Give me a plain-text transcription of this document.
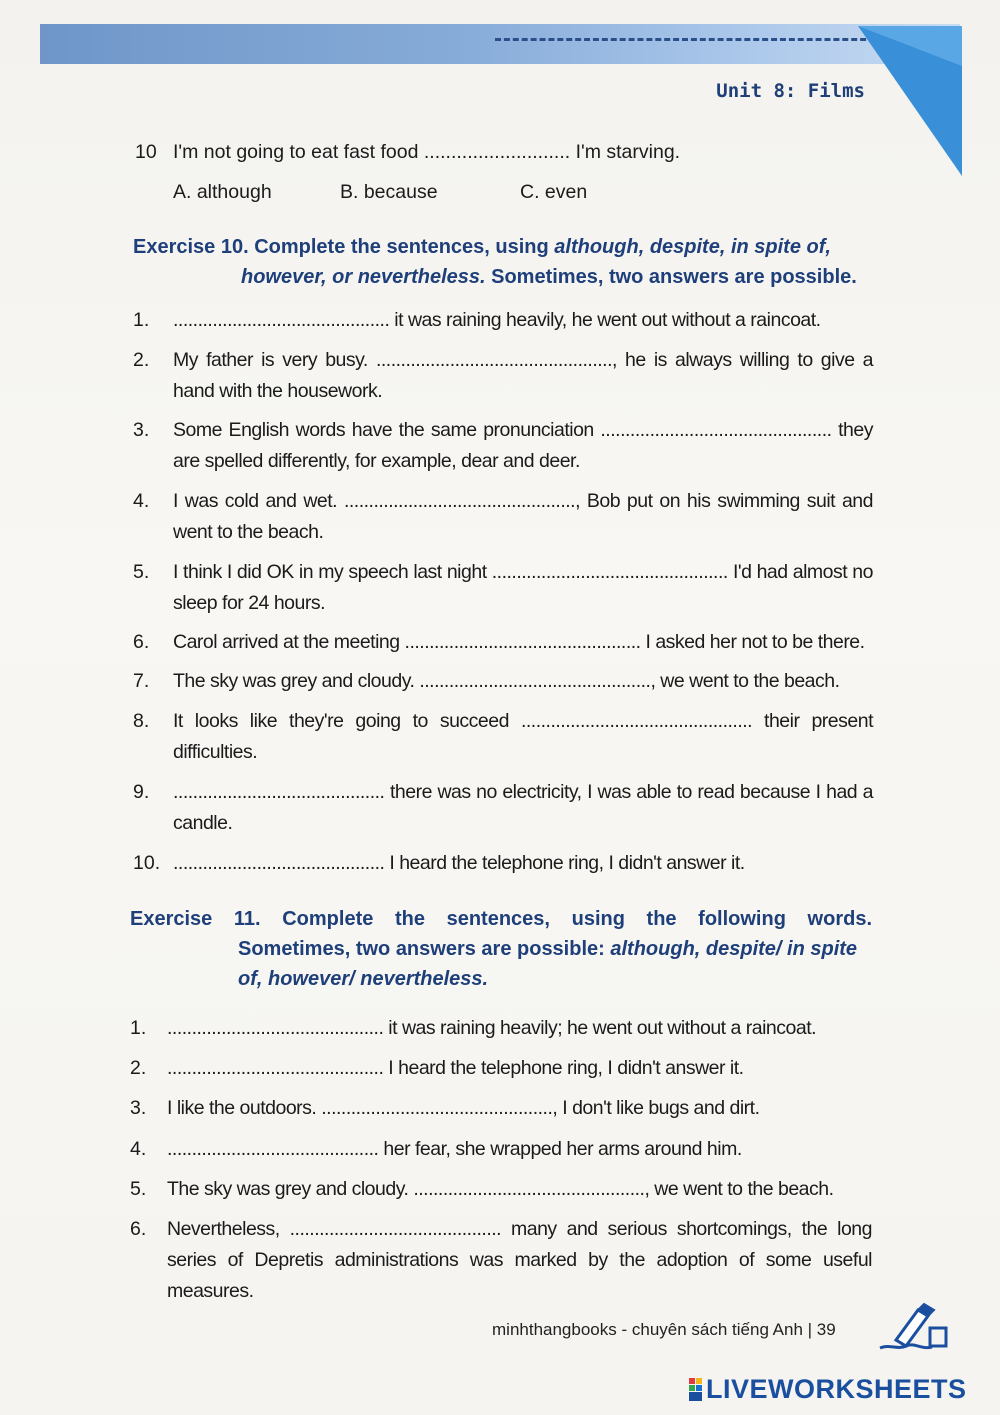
Unit 8: Films
10 I'm not going to eat fast food ........................... I'm starving.
A. although	B. because	C. even
Exercise 10. Complete the sentences, using although, despite, in spite of,
however, or nevertheless. Sometimes, two answers are possible.
1. ............................................ it was raining heavily, he went out without a raincoat.
2. My father is very busy. ................................................, he is always willing to give a hand with the housework.
3. Some English words have the same pronunciation ............................................... they are spelled differently, for example, dear and deer.
4. I was cold and wet. ..............................................., Bob put on his swimming suit and went to the beach.
5. I think I did OK in my speech last night ................................................ I'd had almost no sleep for 24 hours.
6. Carol arrived at the meeting ................................................ I asked her not to be there.
7. The sky was grey and cloudy. ..............................................., we went to the beach.
8. It looks like they're going to succeed ............................................... their present difficulties.
9. ........................................... there was no electricity, I was able to read because I had a candle.
10. ........................................... I heard the telephone ring, I didn't answer it.
Exercise 11. Complete the sentences, using the following words.
Sometimes, two answers are possible: although, despite/ in spite
of, however/ nevertheless.
1. ............................................ it was raining heavily; he went out without a raincoat.
2. ............................................ I heard the telephone ring, I didn't answer it.
3. I like the outdoors. ..............................................., I don't like bugs and dirt.
4. ........................................... her fear, she wrapped her arms around him.
5. The sky was grey and cloudy. ..............................................., we went to the beach.
6. Nevertheless, ........................................... many and serious shortcomings, the long series of Depretis administrations was marked by the adoption of some useful measures.
minhthangbooks - chuyên sách tiếng Anh | 39
LIVEWORKSHEETS
